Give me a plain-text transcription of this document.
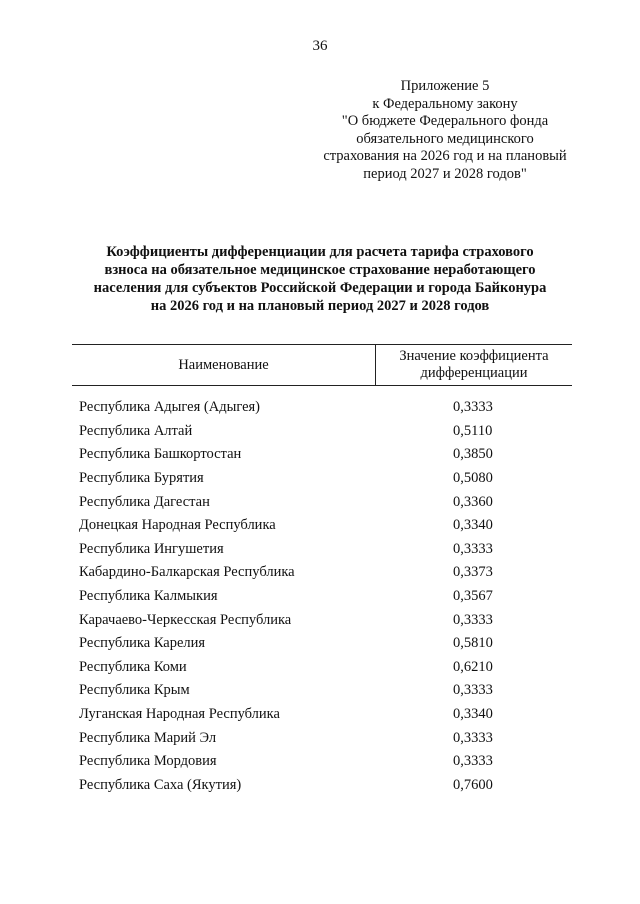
36
Приложение 5
к Федеральному закону
"О бюджете Федерального фонда
обязательного медицинского
страхования на 2026 год и на плановый
период 2027 и 2028 годов"
Коэффициенты дифференциации для расчета тарифа страхового
взноса на обязательное медицинское страхование неработающего
населения для субъектов Российской Федерации и города Байконура
на 2026 год и на плановый период 2027 и 2028 годов
Наименование
Значение коэффициента
дифференциации
Республика Адыгея (Адыгея)	0,3333
Республика Алтай	0,5110
Республика Башкортостан	0,3850
Республика Бурятия	0,5080
Республика Дагестан	0,3360
Донецкая Народная Республика	0,3340
Республика Ингушетия	0,3333
Кабардино-Балкарская Республика	0,3373
Республика Калмыкия	0,3567
Карачаево-Черкесская Республика	0,3333
Республика Карелия	0,5810
Республика Коми	0,6210
Республика Крым	0,3333
Луганская Народная Республика	0,3340
Республика Марий Эл	0,3333
Республика Мордовия	0,3333
Республика Саха (Якутия)	0,7600
